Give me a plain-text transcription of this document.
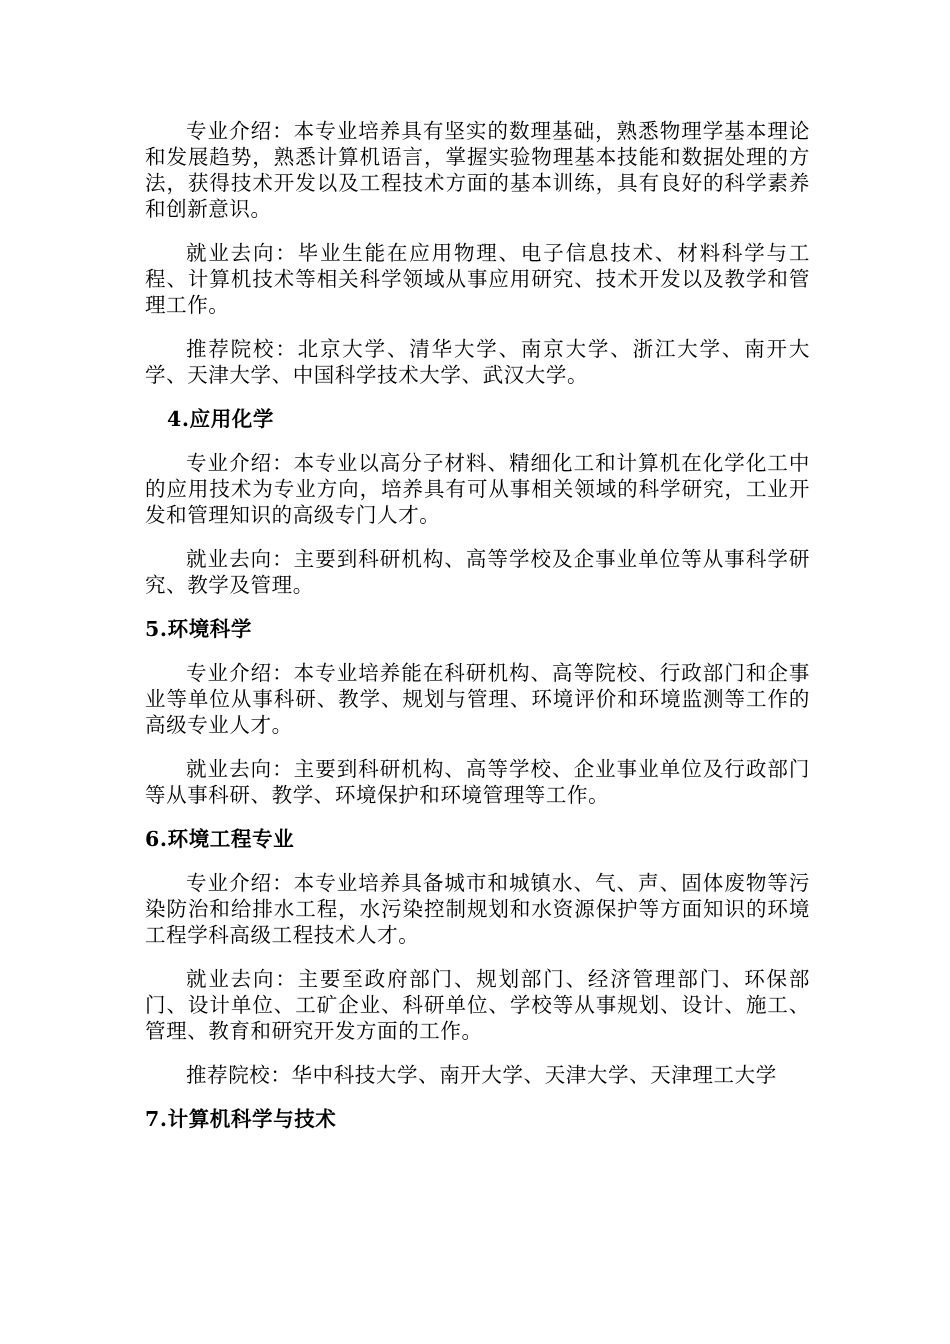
专业介绍：本专业培养具有坚实的数理基础，熟悉物理学基本理论和发展趋势，熟悉计算机语言，掌握实验物理基本技能和数据处理的方法，获得技术开发以及工程技术方面的基本训练，具有良好的科学素养和创新意识。

就业去向：毕业生能在应用物理、电子信息技术、材料科学与工程、计算机技术等相关科学领域从事应用研究、技术开发以及教学和管理工作。

推荐院校：北京大学、清华大学、南京大学、浙江大学、南开大学、天津大学、中国科学技术大学、武汉大学。

4.应用化学

专业介绍：本专业以高分子材料、精细化工和计算机在化学化工中的应用技术为专业方向，培养具有可从事相关领域的科学研究，工业开发和管理知识的高级专门人才。

就业去向：主要到科研机构、高等学校及企事业单位等从事科学研究、教学及管理。

5.环境科学

专业介绍：本专业培养能在科研机构、高等院校、行政部门和企事业等单位从事科研、教学、规划与管理、环境评价和环境监测等工作的高级专业人才。

就业去向：主要到科研机构、高等学校、企业事业单位及行政部门等从事科研、教学、环境保护和环境管理等工作。

6.环境工程专业

专业介绍：本专业培养具备城市和城镇水、气、声、固体废物等污染防治和给排水工程，水污染控制规划和水资源保护等方面知识的环境工程学科高级工程技术人才。

就业去向：主要至政府部门、规划部门、经济管理部门、环保部门、设计单位、工矿企业、科研单位、学校等从事规划、设计、施工、管理、教育和研究开发方面的工作。

推荐院校：华中科技大学、南开大学、天津大学、天津理工大学

7.计算机科学与技术
